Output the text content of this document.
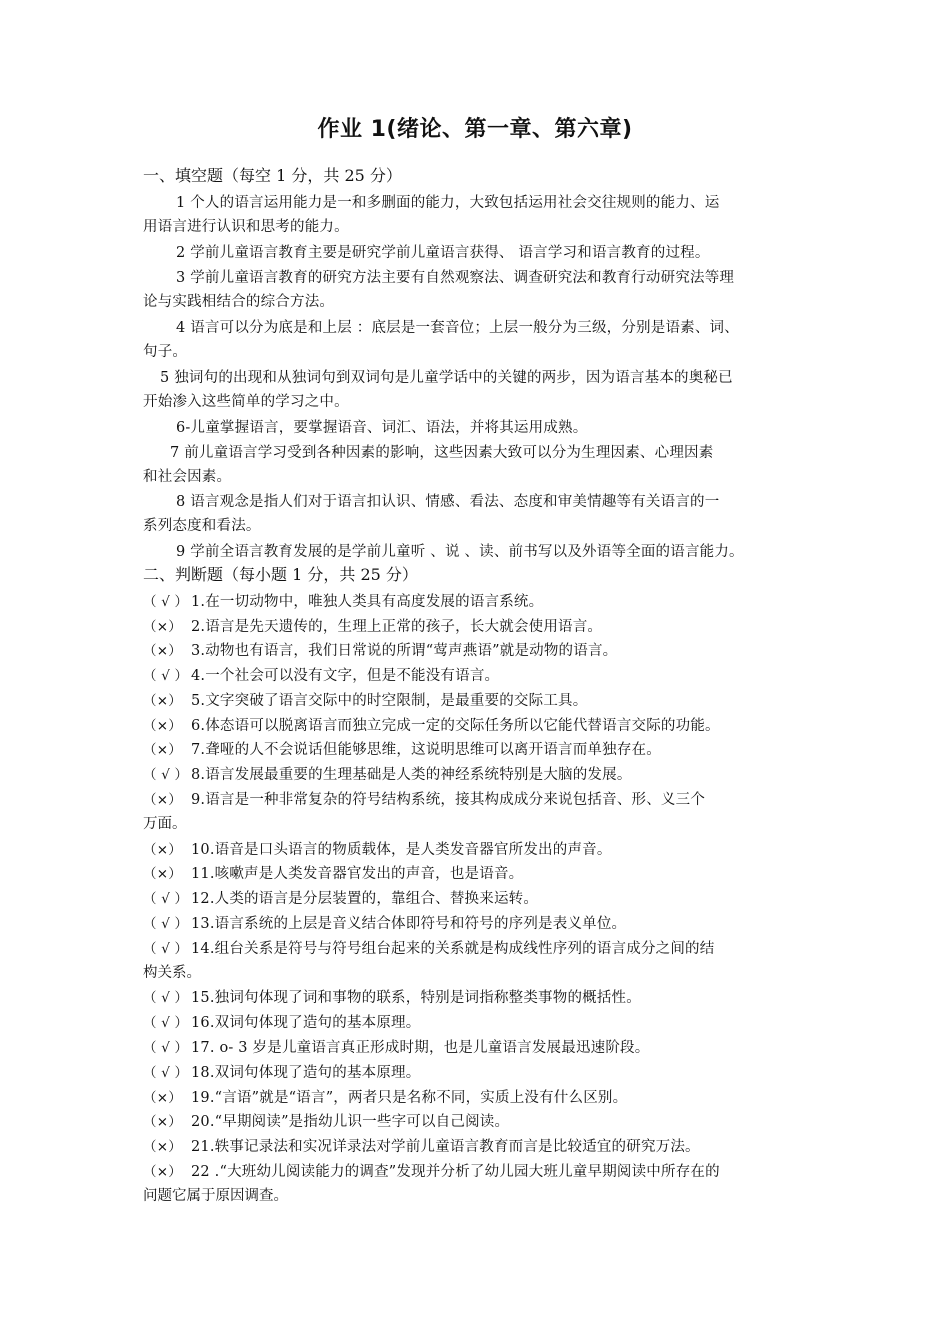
作业 1(绪论、第一章、第六章)
一、填空题（每空 1 分，共 25 分）
1 个人的语言运用能力是一和多删面的能力，大致包括运用社会交往规则的能力、运
用语言进行认识和思考的能力。
2 学前儿童语言教育主要是研究学前儿童语言获得、 语言学习和语言教育的过程。
3 学前儿童语言教育的研究方法主要有自然观察法、调查研究法和教育行动研究法等理
论与实践相结合的综合方法。
4 语言可以分为底是和上层 ：底层是一套音位；上层一般分为三级，分别是语素、词、
句子。
5 独词句的出现和从独词句到双词句是儿童学话中的关键的两步，因为语言基本的奥秘已
开始渗入这些简单的学习之中。
6-儿童掌握语言，要掌握语音、词汇、语法，并将其运用成熟。
7 前儿童语言学习受到各种因素的影响，这些因素大致可以分为生理因素、心理因素
和社会因素。
8 语言观念是指人们对于语言扣认识、情感、看法、态度和审美情趣等有关语言的一
系列态度和看法。
9 学前全语言教育发展的是学前儿童听 、说 、读、前书写以及外语等全面的语言能力。
二、判断题（每小题 1 分，共 25 分）
（ √ ） 1.在一切动物中，唯独人类具有高度发展的语言系统。
（×） 2.语言是先天遗传的，生理上正常的孩子，长大就会使用语言。
（×） 3.动物也有语言，我们日常说的所谓“莺声燕语”就是动物的语言。
（ √ ） 4.一个社会可以没有文字，但是不能没有语言。
（×） 5.文字突破了语言交际中的时空限制，是最重要的交际工具。
（×） 6.体态语可以脱离语言而独立完成一定的交际任务所以它能代替语言交际的功能。
（×） 7.聋哑的人不会说话但能够思维，这说明思维可以离开语言而单独存在。
（ √ ） 8.语言发展最重要的生理基础是人类的神经系统特别是大脑的发展。
（×） 9.语言是一种非常复杂的符号结构系统，接其构成成分来说包括音、形、义三个
万面。
（×） 10.语音是口头语言的物质载体，是人类发音器官所发出的声音。
（×） 11.咳嗽声是人类发音器官发出的声音，也是语音。
（ √ ） 12.人类的语言是分层装置的，靠组合、替换来运转。
（ √ ） 13.语言系统的上层是音义结合体即符号和符号的序列是表义单位。
（ √ ） 14.组台关系是符号与符号组台起来的关系就是构成线性序列的语言成分之间的结
构关系。
（ √ ） 15.独词句体现了词和事物的联系，特别是词指称整类事物的概括性。
（ √ ） 16.双词句体现了造句的基本原理。
（ √ ） 17. o- 3 岁是儿童语言真正形成时期，也是儿童语言发展最迅速阶段。
（ √ ） 18.双词句体现了造句的基本原理。
（×） 19.“言语”就是“语言”，两者只是名称不同，实质上没有什么区别。
（×） 20.“早期阅读”是指幼儿识一些字可以自己阅读。
（×） 21.轶事记录法和实况详录法对学前儿童语言教育而言是比较适宜的研究万法。
（×） 22 .“大班幼儿阅读能力的调查”发现并分析了幼儿园大班儿童早期阅读中所存在的
问题它属于原因调查。
